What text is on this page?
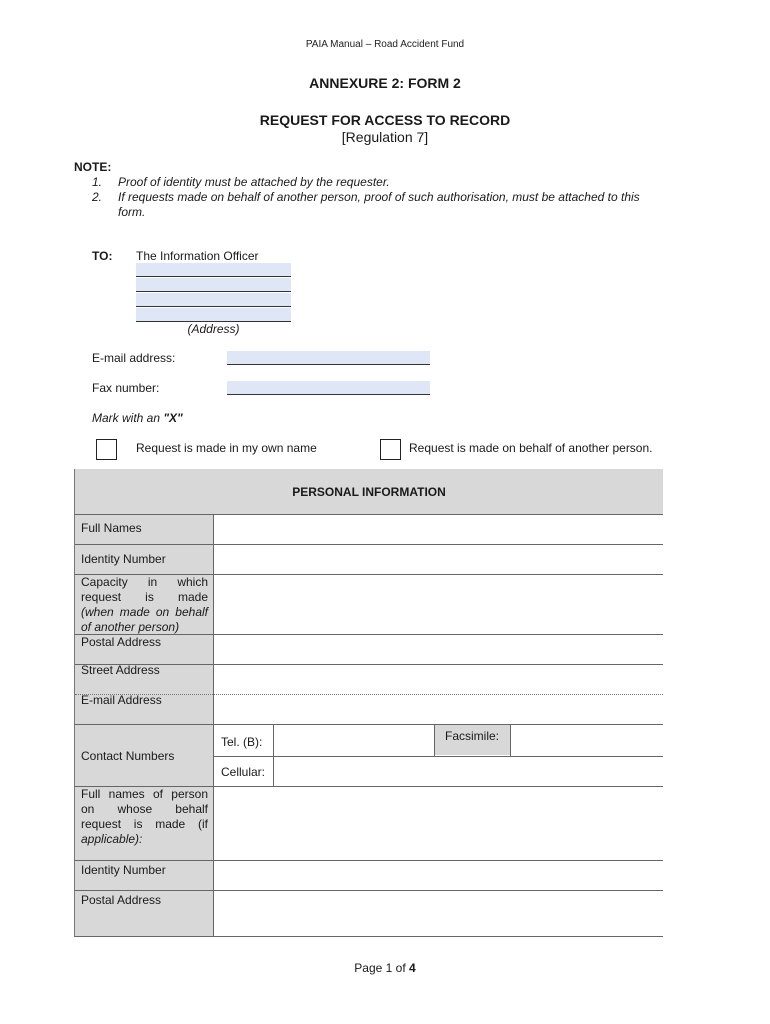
PAIA Manual – Road Accident Fund
ANNEXURE 2: FORM 2
REQUEST FOR ACCESS TO RECORD
[Regulation 7]
NOTE:
1. Proof of identity must be attached by the requester.
2. If requests made on behalf of another person, proof of such authorisation, must be attached to this
form.
TO: The Information Officer
(Address)
E-mail address:
Fax number:
Mark with an "X"
Request is made in my own name	Request is made on behalf of another person.
PERSONAL INFORMATION
Full Names
Identity Number
Capacity in which
request is made
(when made on behalf
of another person)
Postal Address
Street Address
E-mail Address
Contact Numbers
Tel. (B):	Facsimile:
Cellular:
Full names of person
on whose behalf
request is made (if
applicable):
Identity Number
Postal Address
Page 1 of 4
